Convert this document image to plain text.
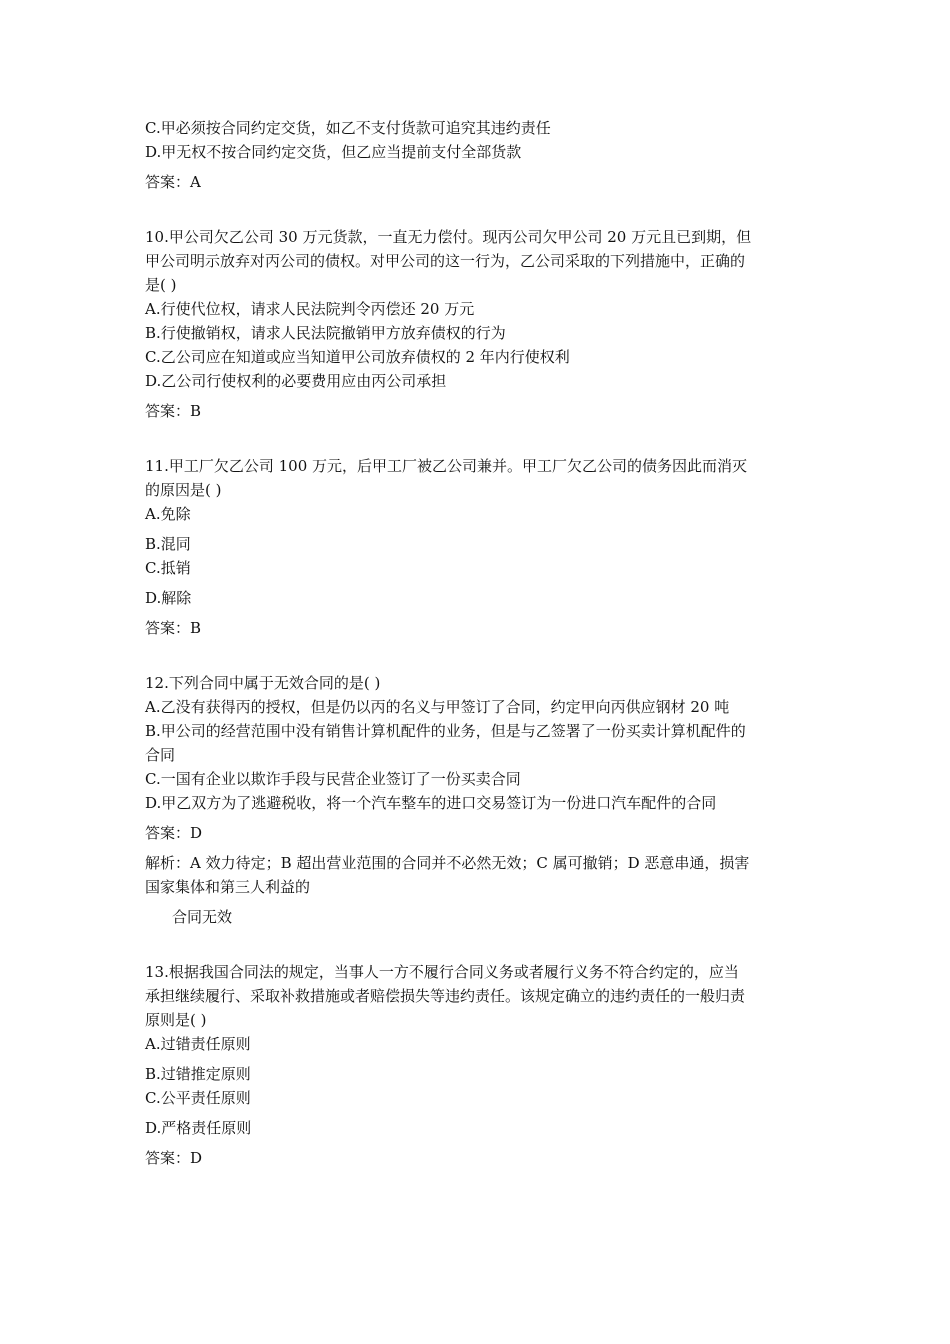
C.甲必须按合同约定交货，如乙不支付货款可追究其违约责任
D.甲无权不按合同约定交货，但乙应当提前支付全部货款
答案：A
10.甲公司欠乙公司 30 万元货款，一直无力偿付。现丙公司欠甲公司 20 万元且已到期，但
甲公司明示放弃对丙公司的债权。对甲公司的这一行为，乙公司采取的下列措施中，正确的
是( )
A.行使代位权，请求人民法院判令丙偿还 20 万元
B.行使撤销权，请求人民法院撤销甲方放弃债权的行为
C.乙公司应在知道或应当知道甲公司放弃债权的 2 年内行使权利
D.乙公司行使权利的必要费用应由丙公司承担
答案：B
11.甲工厂欠乙公司 100 万元，后甲工厂被乙公司兼并。甲工厂欠乙公司的债务因此而消灭
的原因是( )
A.免除
B.混同
C.抵销
D.解除
答案：B
12.下列合同中属于无效合同的是( )
A.乙没有获得丙的授权，但是仍以丙的名义与甲签订了合同，约定甲向丙供应钢材 20 吨
B.甲公司的经营范围中没有销售计算机配件的业务，但是与乙签署了一份买卖计算机配件的
合同
C.一国有企业以欺诈手段与民营企业签订了一份买卖合同
D.甲乙双方为了逃避税收，将一个汽车整车的进口交易签订为一份进口汽车配件的合同
答案：D
解析：A 效力待定；B 超出营业范围的合同并不必然无效；C 属可撤销；D 恶意串通，损害
国家集体和第三人利益的
合同无效
13.根据我国合同法的规定，当事人一方不履行合同义务或者履行义务不符合约定的，应当
承担继续履行、采取补救措施或者赔偿损失等违约责任。该规定确立的违约责任的一般归责
原则是( )
A.过错责任原则
B.过错推定原则
C.公平责任原则
D.严格责任原则
答案：D
